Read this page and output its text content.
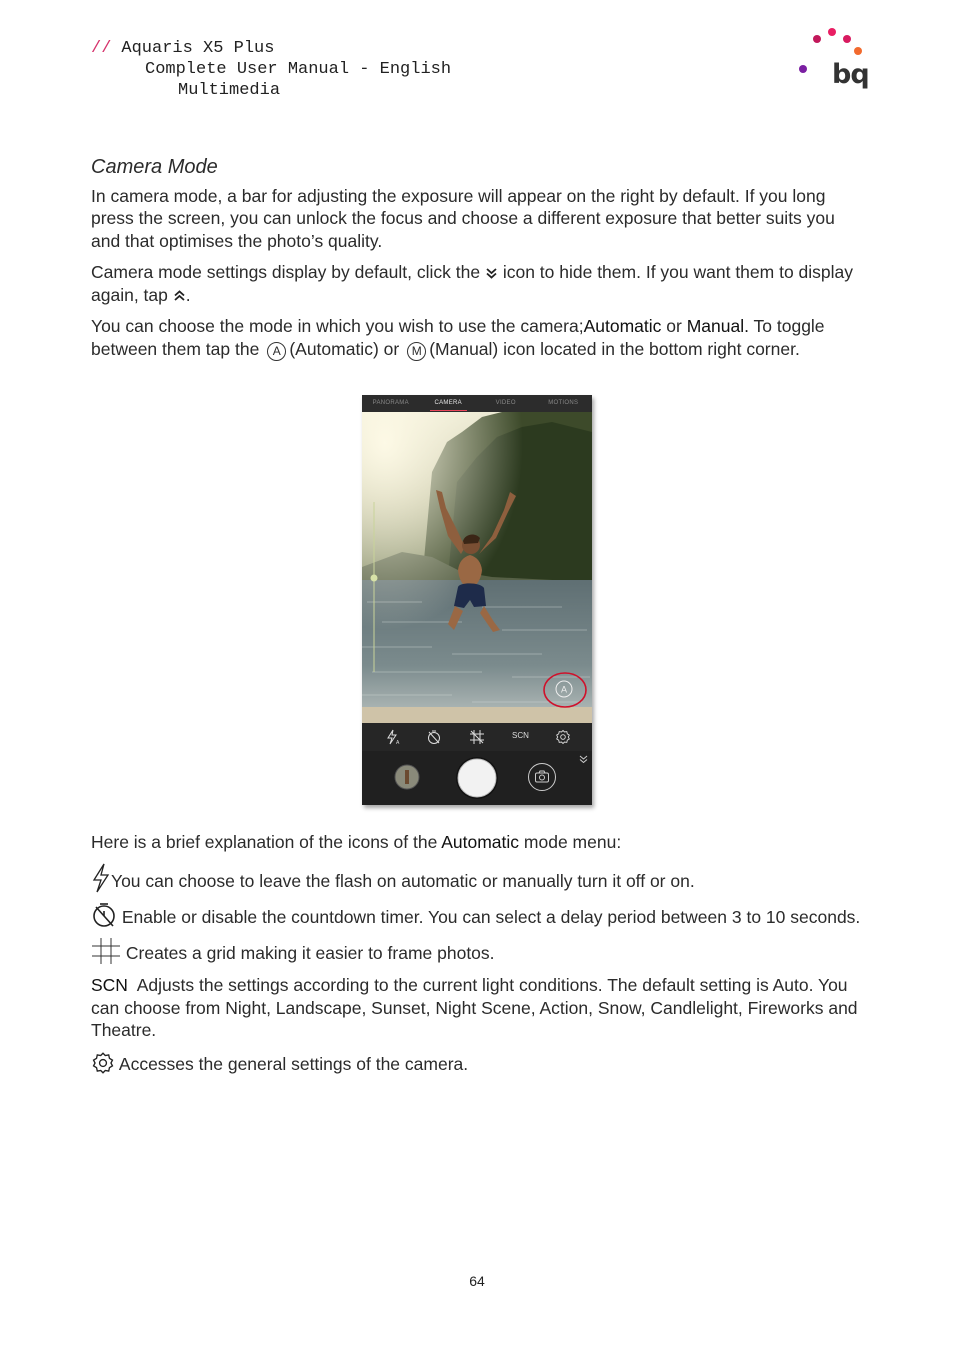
// Aquaris X5 Plus
Complete User Manual - English
Multimedia
bq
Camera Mode

In camera mode, a bar for adjusting the exposure will appear on the right by default. If you long press the screen, you can unlock the focus and choose a different exposure that better suits you and that optimises the photo’s quality.

Camera mode settings display by default, click the icon to hide them. If you want them to display again, tap .

You can choose the mode in which you wish to use the camera;Automatic or Manual. To toggle between them tap the A (Automatic) or M (Manual) icon located in the bottom right corner.

PANORAMA	CAMERA	VIDEO	MOTIONS
A
A
SCN

Here is a brief explanation of the icons of the Automatic mode menu:

You can choose to leave the flash on automatic or manually turn it off or on.

Enable or disable the countdown timer. You can select a delay period between 3 to 10 seconds.

Creates a grid making it easier to frame photos.

SCN Adjusts the settings according to the current light conditions. The default setting is Auto. You can choose from Night, Landscape, Sunset, Night Scene, Action, Snow, Candlelight, Fireworks and Theatre.

Accesses the general settings of the camera.

64
